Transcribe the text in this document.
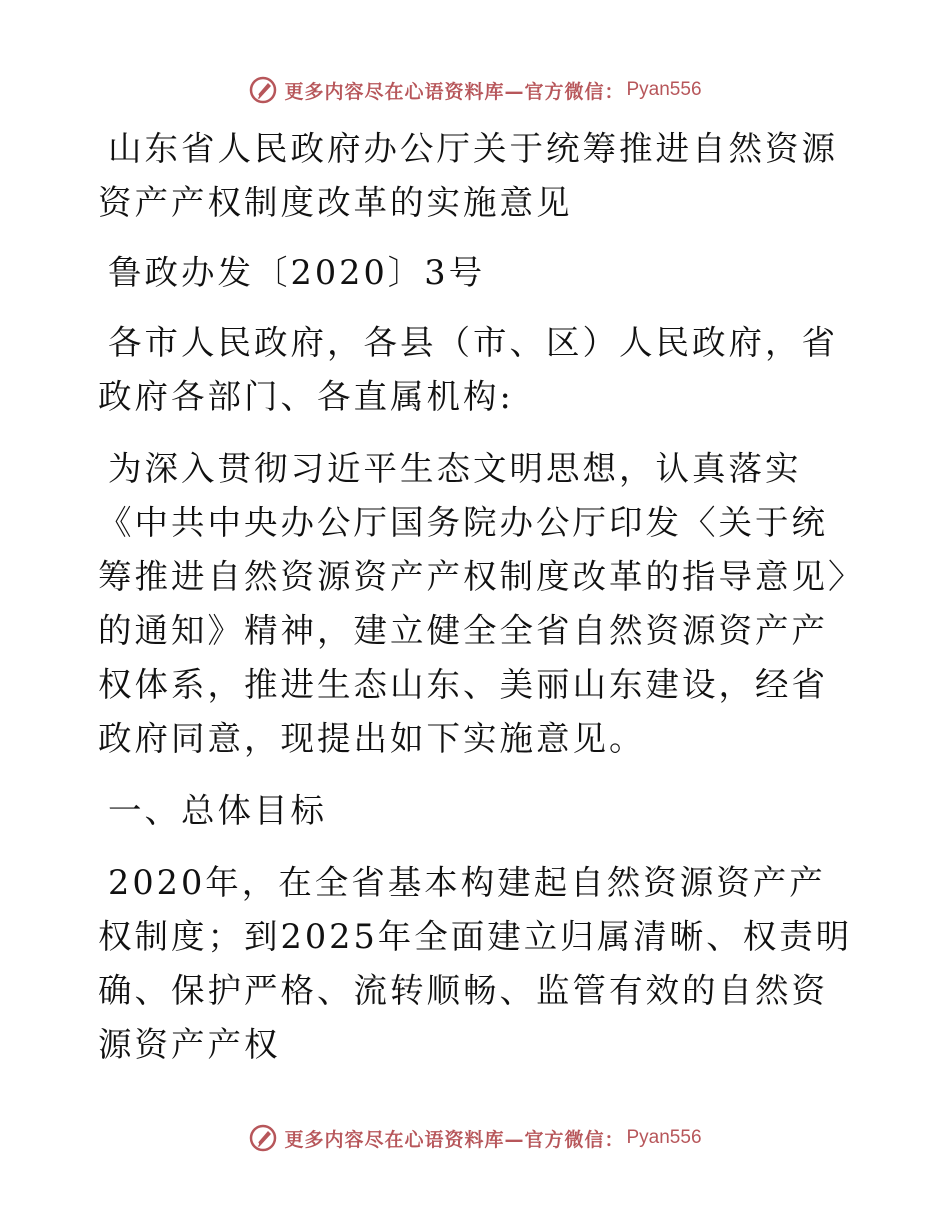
更多内容尽在心语资料库—官方微信： Pyan556

山东省人民政府办公厅关于统筹推进自然资源资产产权制度改革的实施意见

鲁政办发〔2020〕3号

各市人民政府，各县（市、区）人民政府，省政府各部门、各直属机构:

为深入贯彻习近平生态文明思想，认真落实《中共中央办公厅国务院办公厅印发〈关于统筹推进自然资源资产产权制度改革的指导意见〉的通知》精神，建立健全全省自然资源资产产权体系，推进生态山东、美丽山东建设，经省政府同意，现提出如下实施意见。

一、总体目标

2020年，在全省基本构建起自然资源资产产权制度；到2025年全面建立归属清晰、权责明确、保护严格、流转顺畅、监管有效的自然资源资产产权

更多内容尽在心语资料库—官方微信： Pyan556
